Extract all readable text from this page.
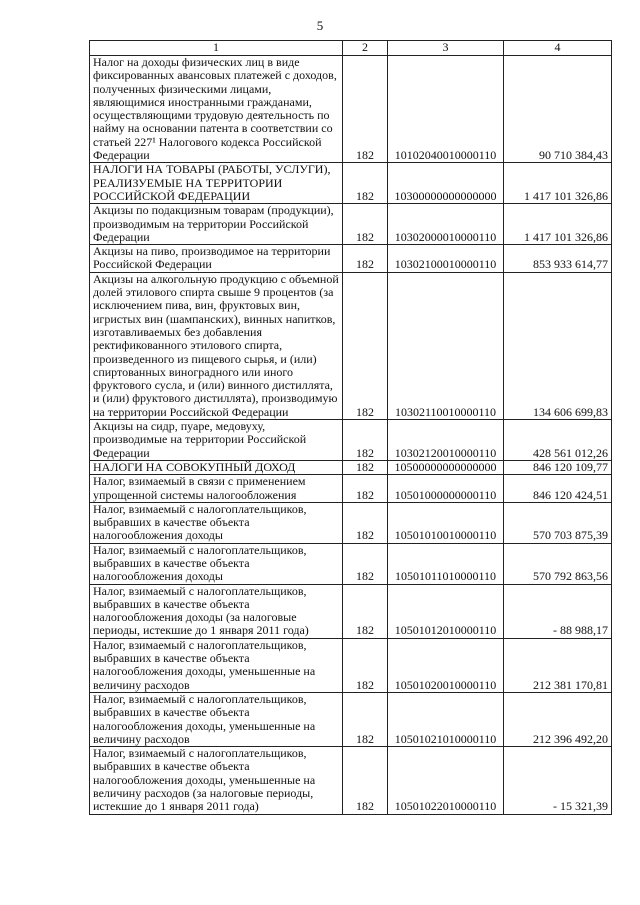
5
1	2	3	4
Налог на доходы физических лиц в виде фиксированных авансовых платежей с доходов, полученных физическими лицами, являющимися иностранными гражданами, осуществляющими трудовую деятельность по найму на основании патента в соответствии со статьей 227¹ Налогового кодекса Российской Федерации	182	10102040010000110	90 710 384,43
НАЛОГИ НА ТОВАРЫ (РАБОТЫ, УСЛУГИ), РЕАЛИЗУЕМЫЕ НА ТЕРРИТОРИИ РОССИЙСКОЙ ФЕДЕРАЦИИ	182	10300000000000000	1 417 101 326,86
Акцизы по подакцизным товарам (продукции), производимым на территории Российской Федерации	182	10302000010000110	1 417 101 326,86
Акцизы на пиво, производимое на территории Российской Федерации	182	10302100010000110	853 933 614,77
Акцизы на алкогольную продукцию с объемной долей этилового спирта свыше 9 процентов (за исключением пива, вин, фруктовых вин, игристых вин (шампанских), винных напитков, изготавливаемых без добавления ректификованного этилового спирта, произведенного из пищевого сырья, и (или) спиртованных виноградного или иного фруктового сусла, и (или) винного дистиллята, и (или) фруктового дистиллята), производимую на территории Российской Федерации	182	10302110010000110	134 606 699,83
Акцизы на сидр, пуаре, медовуху, производимые на территории Российской Федерации	182	10302120010000110	428 561 012,26
НАЛОГИ НА СОВОКУПНЫЙ ДОХОД	182	10500000000000000	846 120 109,77
Налог, взимаемый в связи с применением упрощенной системы налогообложения	182	10501000000000110	846 120 424,51
Налог, взимаемый с налогоплательщиков, выбравших в качестве объекта налогообложения доходы	182	10501010010000110	570 703 875,39
Налог, взимаемый с налогоплательщиков, выбравших в качестве объекта налогообложения доходы	182	10501011010000110	570 792 863,56
Налог, взимаемый с налогоплательщиков, выбравших в качестве объекта налогообложения доходы (за налоговые периоды, истекшие до 1 января 2011 года)	182	10501012010000110	- 88 988,17
Налог, взимаемый с налогоплательщиков, выбравших в качестве объекта налогообложения доходы, уменьшенные на величину расходов	182	10501020010000110	212 381 170,81
Налог, взимаемый с налогоплательщиков, выбравших в качестве объекта налогообложения доходы, уменьшенные на величину расходов	182	10501021010000110	212 396 492,20
Налог, взимаемый с налогоплательщиков, выбравших в качестве объекта налогообложения доходы, уменьшенные на величину расходов (за налоговые периоды, истекшие до 1 января 2011 года)	182	10501022010000110	- 15 321,39
